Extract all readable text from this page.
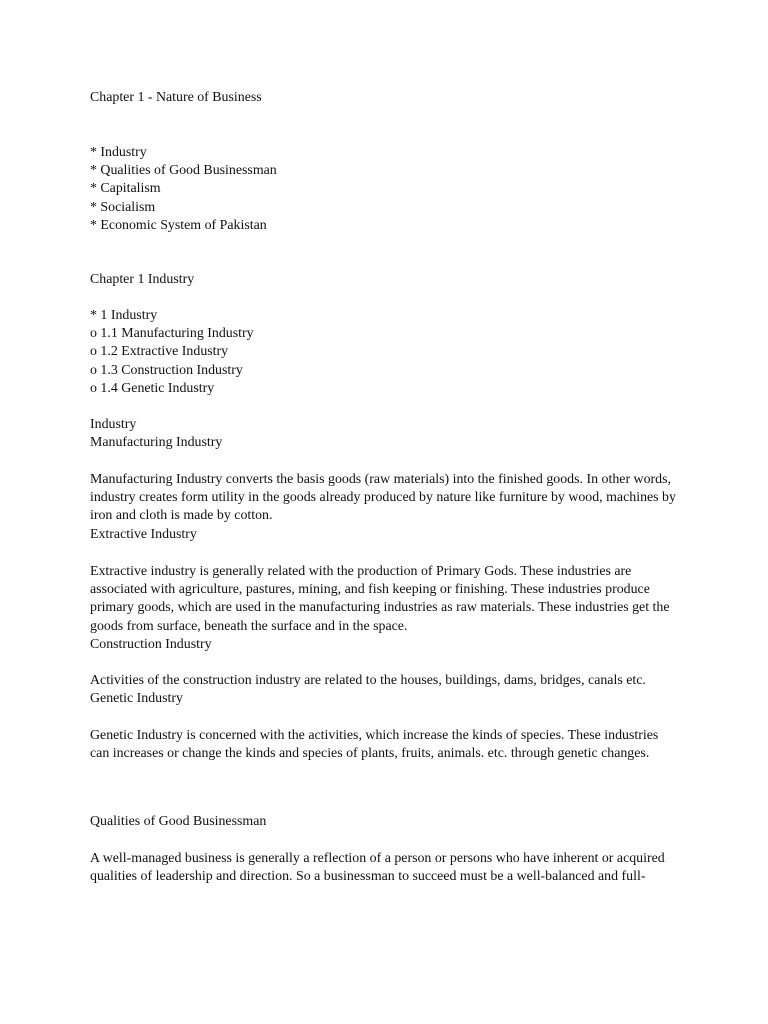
Chapter 1 - Nature of Business
* Industry
* Qualities of Good Businessman
* Capitalism
* Socialism
* Economic System of Pakistan
Chapter 1 Industry
* 1 Industry
o 1.1 Manufacturing Industry
o 1.2 Extractive Industry
o 1.3 Construction Industry
o 1.4 Genetic Industry
Industry
Manufacturing Industry
Manufacturing Industry converts the basis goods (raw materials) into the finished goods. In other words,
industry creates form utility in the goods already produced by nature like furniture by wood, machines by
iron and cloth is made by cotton.
Extractive Industry
Extractive industry is generally related with the production of Primary Gods. These industries are
associated with agriculture, pastures, mining, and fish keeping or finishing. These industries produce
primary goods, which are used in the manufacturing industries as raw materials. These industries get the
goods from surface, beneath the surface and in the space.
Construction Industry
Activities of the construction industry are related to the houses, buildings, dams, bridges, canals etc.
Genetic Industry
Genetic Industry is concerned with the activities, which increase the kinds of species. These industries
can increases or change the kinds and species of plants, fruits, animals. etc. through genetic changes.
Qualities of Good Businessman
A well-managed business is generally a reflection of a person or persons who have inherent or acquired
qualities of leadership and direction. So a businessman to succeed must be a well-balanced and full-
